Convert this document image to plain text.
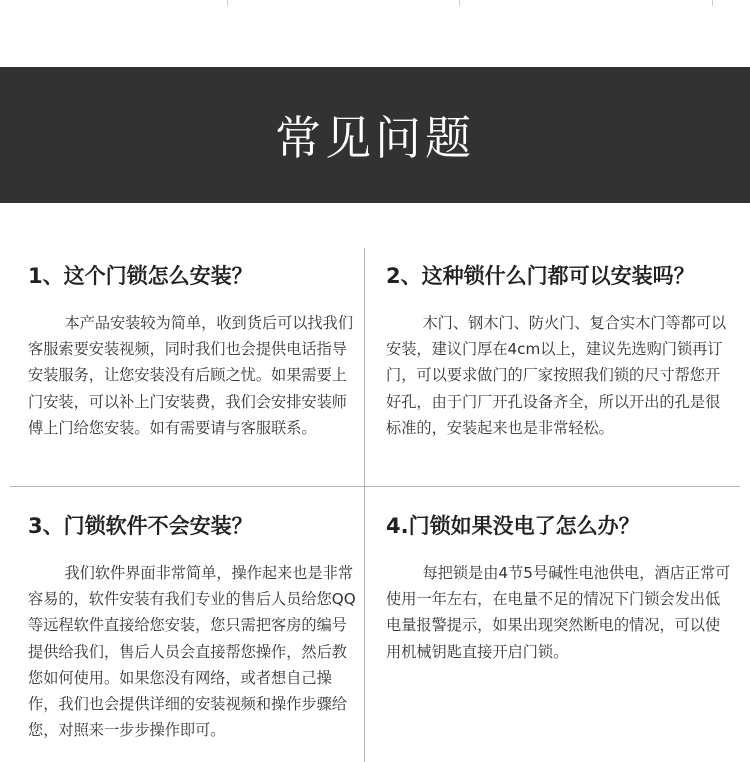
常见问题

1、这个门锁怎么安装？

本产品安装较为简单，收到货后可以找我们客服索要安装视频，同时我们也会提供电话指导安装服务，让您安装没有后顾之忧。如果需要上门安装，可以补上门安装费，我们会安排安装师傅上门给您安装。如有需要请与客服联系。

2、这种锁什么门都可以安装吗？

木门、钢木门、防火门、复合实木门等都可以安装，建议门厚在4cm以上，建议先选购门锁再订门，可以要求做门的厂家按照我们锁的尺寸帮您开好孔，由于门厂开孔设备齐全，所以开出的孔是很标准的，安装起来也是非常轻松。

3、门锁软件不会安装？

我们软件界面非常简单，操作起来也是非常容易的，软件安装有我们专业的售后人员给您QQ等远程软件直接给您安装，您只需把客房的编号提供给我们，售后人员会直接帮您操作，然后教您如何使用。如果您没有网络，或者想自己操作，我们也会提供详细的安装视频和操作步骤给您，对照来一步步操作即可。

4.门锁如果没电了怎么办？

每把锁是由4节5号碱性电池供电，酒店正常可使用一年左右，在电量不足的情况下门锁会发出低电量报警提示，如果出现突然断电的情况，可以使用机械钥匙直接开启门锁。
